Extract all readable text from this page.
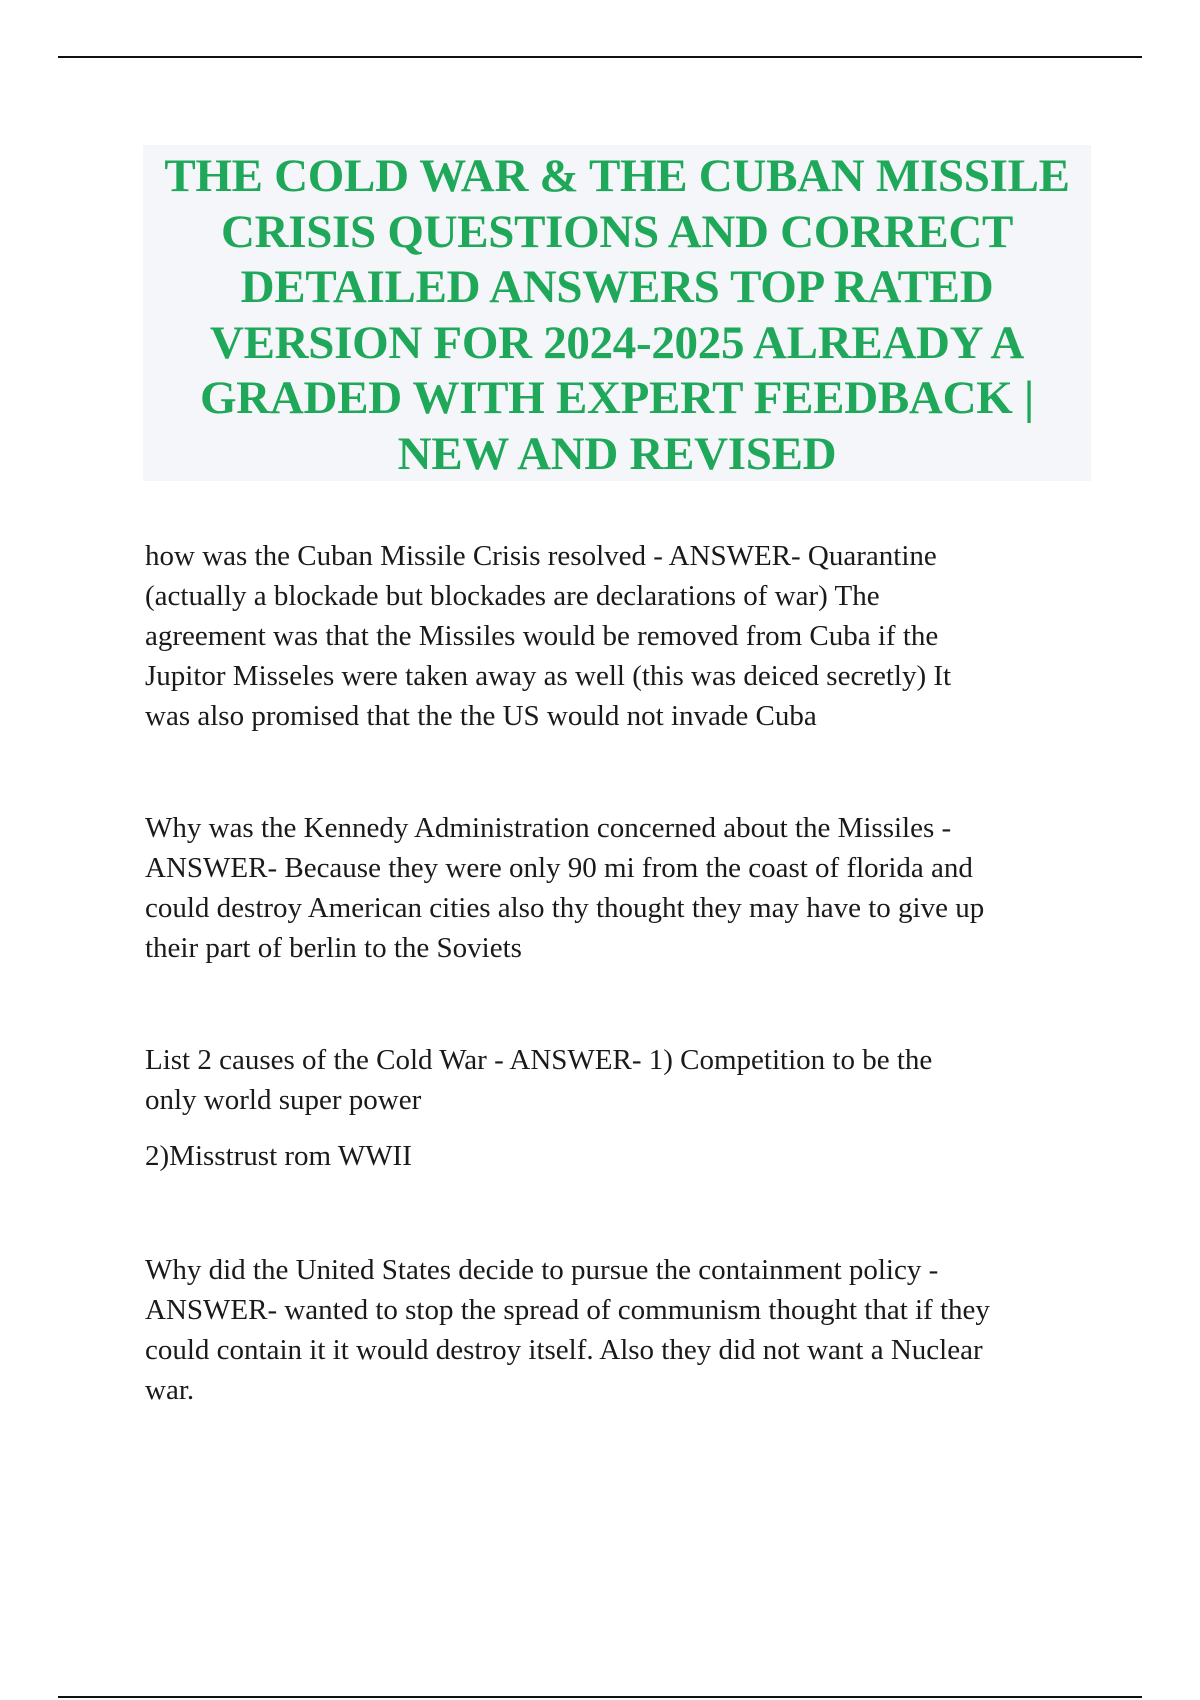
THE COLD WAR & THE CUBAN MISSILE
CRISIS QUESTIONS AND CORRECT
DETAILED ANSWERS TOP RATED
VERSION FOR 2024-2025 ALREADY A
GRADED WITH EXPERT FEEDBACK |
NEW AND REVISED
how was the Cuban Missile Crisis resolved - ANSWER- Quarantine
(actually a blockade but blockades are declarations of war) The
agreement was that the Missiles would be removed from Cuba if the
Jupitor Misseles were taken away as well (this was deiced secretly) It
was also promised that the the US would not invade Cuba
Why was the Kennedy Administration concerned about the Missiles -
ANSWER- Because they were only 90 mi from the coast of florida and
could destroy American cities also thy thought they may have to give up
their part of berlin to the Soviets
List 2 causes of the Cold War - ANSWER- 1) Competition to be the
only world super power
2)Misstrust rom WWII
Why did the United States decide to pursue the containment policy -
ANSWER- wanted to stop the spread of communism thought that if they
could contain it it would destroy itself. Also they did not want a Nuclear
war.
